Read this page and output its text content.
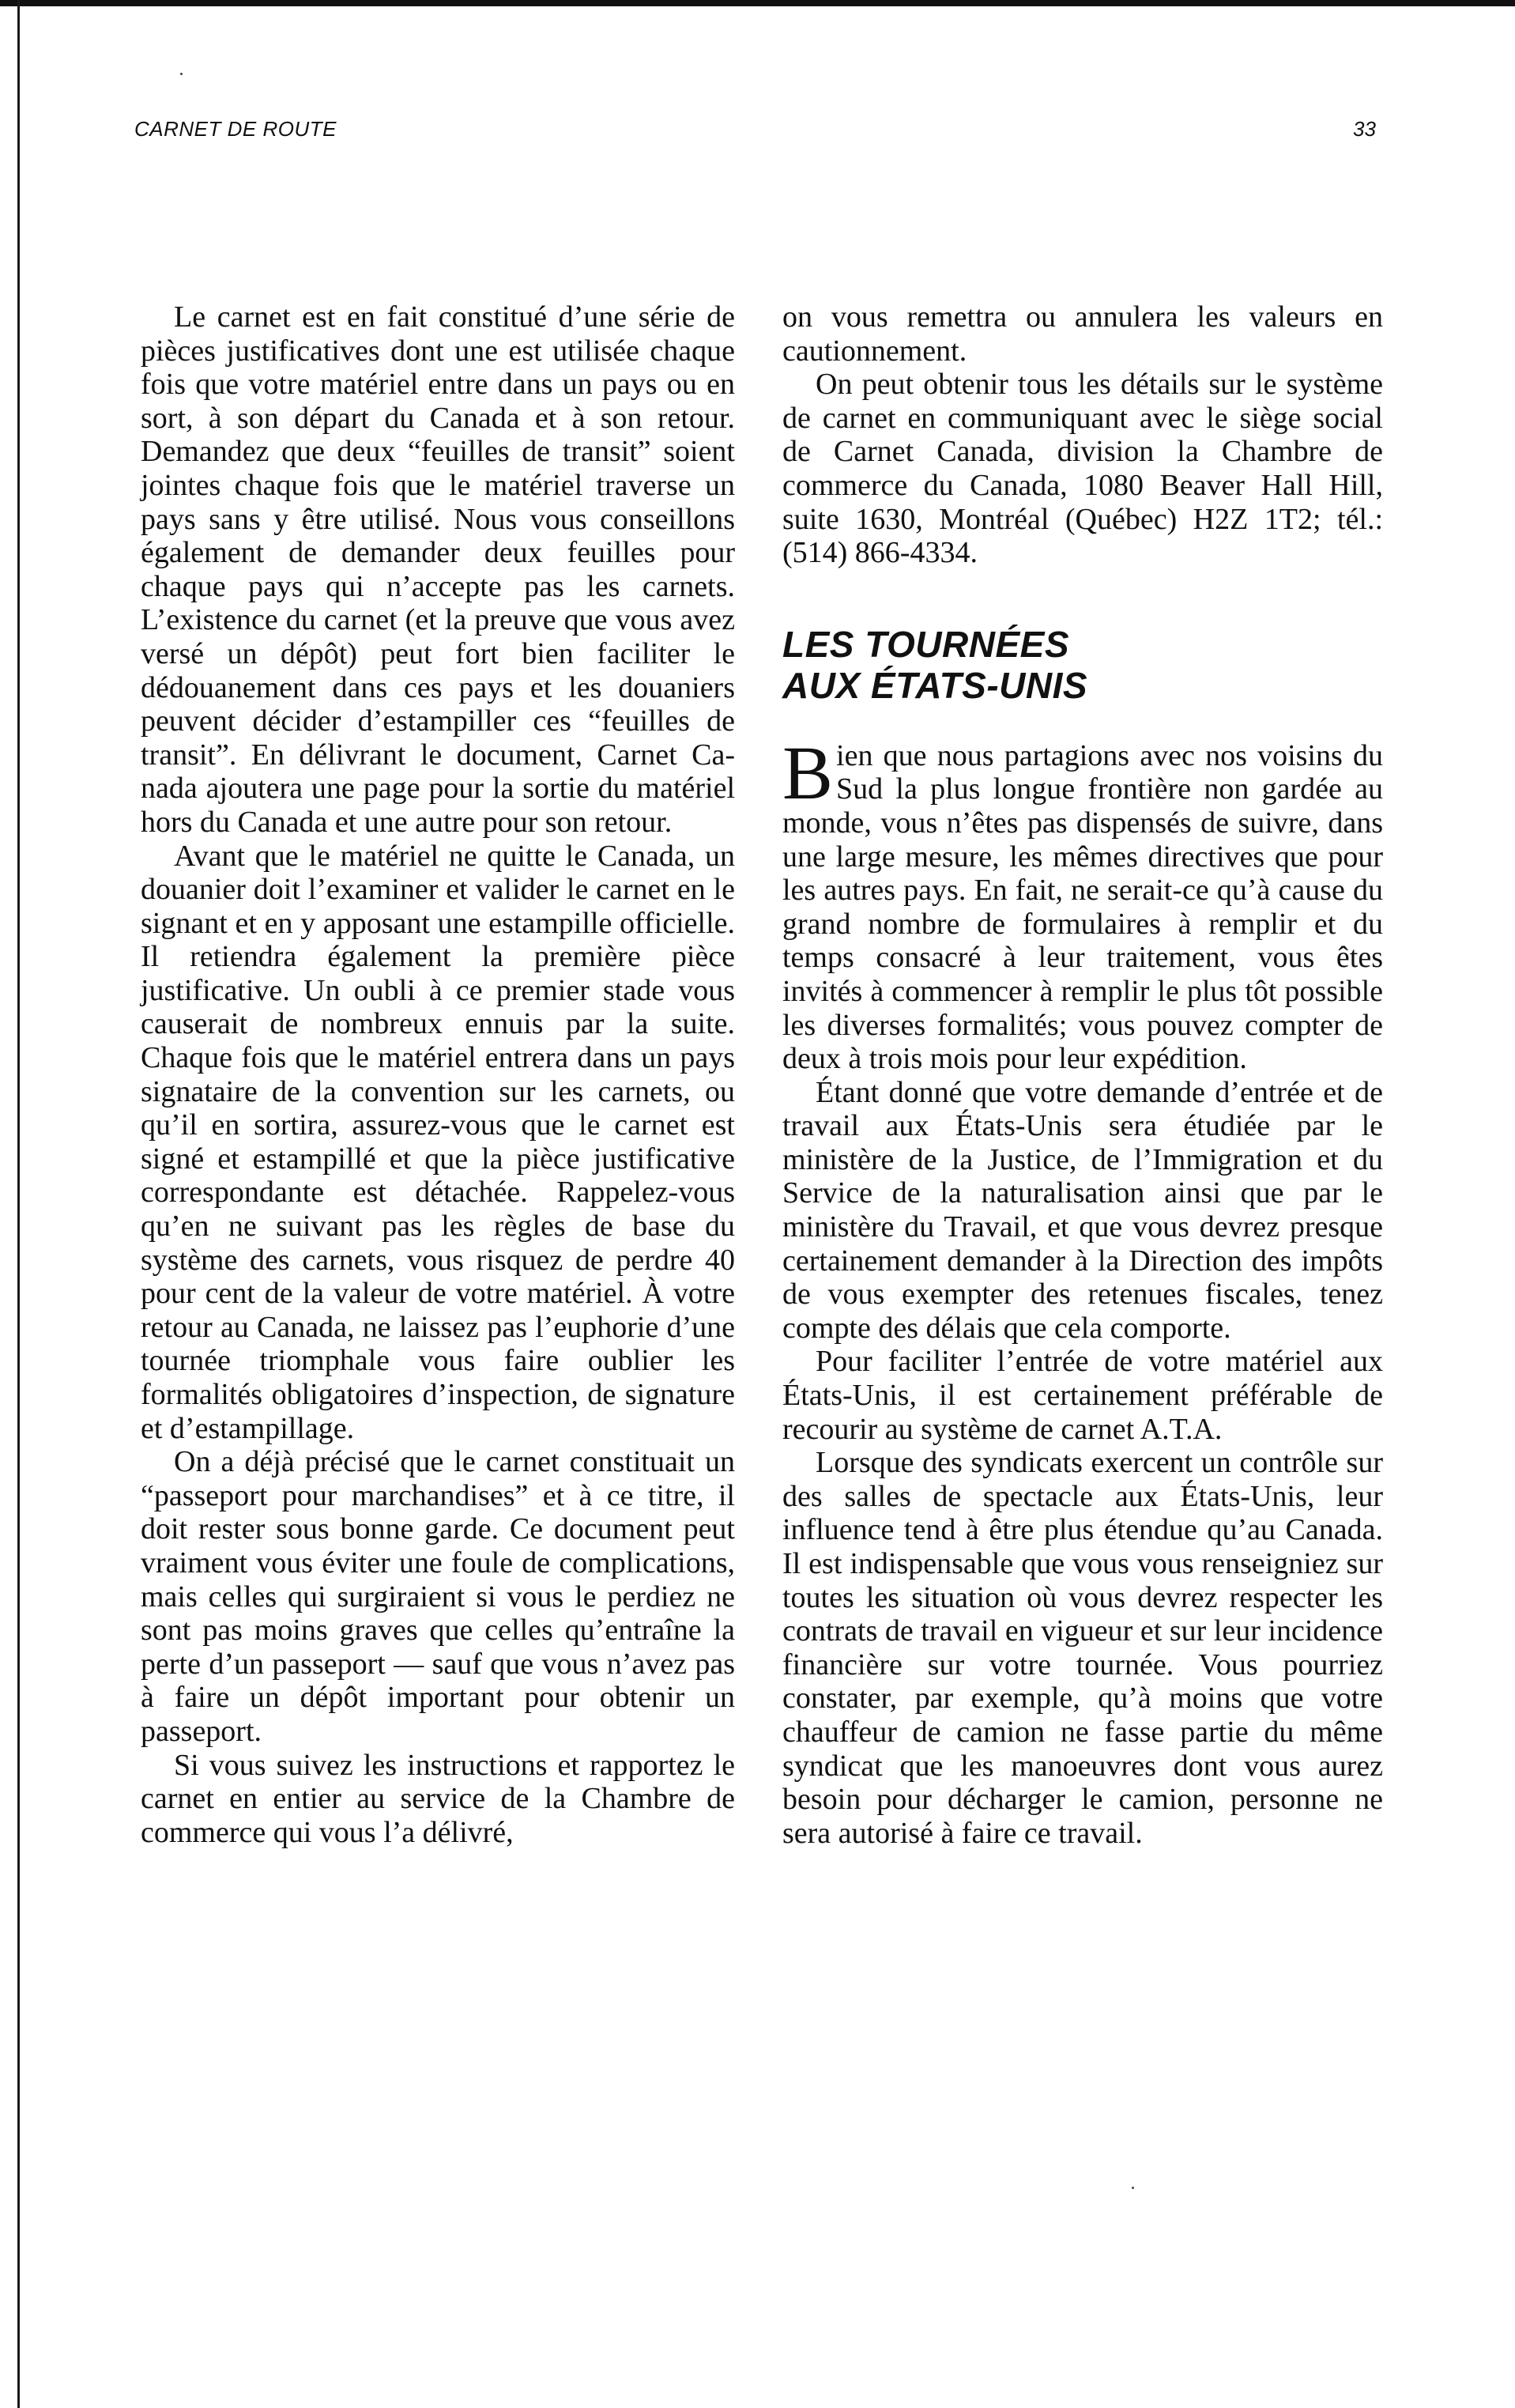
CARNET DE ROUTE	33

Le carnet est en fait constitué d’une série de pièces justificatives dont une est utilisée chaque fois que votre matériel entre dans un pays ou en sort, à son départ du Canada et à son retour. Demandez que deux “feuilles de transit” soient jointes chaque fois que le matériel traverse un pays sans y être utilisé. Nous vous conseillons également de demander deux feuilles pour chaque pays qui n’accepte pas les carnets. L’existence du carnet (et la preuve que vous avez versé un dépôt) peut fort bien faciliter le dédouanement dans ces pays et les douaniers peuvent décider d’estampiller ces “feuilles de transit”. En délivrant le document, Carnet Canada ajoutera une page pour la sortie du matériel hors du Canada et une autre pour son retour.

Avant que le matériel ne quitte le Canada, un douanier doit l’examiner et valider le carnet en le signant et en y apposant une estampille officielle. Il retiendra également la première pièce justificative. Un oubli à ce premier stade vous causerait de nombreux ennuis par la suite. Chaque fois que le matériel entrera dans un pays signataire de la convention sur les carnets, ou qu’il en sortira, assurez-vous que le carnet est signé et estampillé et que la pièce justificative correspondante est détachée. Rappelez-vous qu’en ne suivant pas les règles de base du système des carnets, vous risquez de perdre 40 pour cent de la valeur de votre matériel. À votre retour au Canada, ne laissez pas l’euphorie d’une tournée triomphale vous faire oublier les formalités obligatoires d’inspection, de signature et d’estampillage.

On a déjà précisé que le carnet constituait un “passeport pour marchandises” et à ce titre, il doit rester sous bonne garde. Ce document peut vraiment vous éviter une foule de complications, mais celles qui surgiraient si vous le perdiez ne sont pas moins graves que celles qu’entraîne la perte d’un passeport — sauf que vous n’avez pas à faire un dépôt important pour obtenir un passeport.

Si vous suivez les instructions et rapportez le carnet en entier au service de la Chambre de commerce qui vous l’a délivré,

on vous remettra ou annulera les valeurs en cautionnement.

On peut obtenir tous les détails sur le système de carnet en communiquant avec le siège social de Carnet Canada, division la Chambre de commerce du Canada, 1080 Beaver Hall Hill, suite 1630, Montréal (Québec) H2Z 1T2; tél.: (514) 866-4334.

LES TOURNÉES
AUX ÉTATS-UNIS

Bien que nous partagions avec nos voisins du Sud la plus longue frontière non gardée au monde, vous n’êtes pas dispensés de suivre, dans une large mesure, les mêmes directives que pour les autres pays. En fait, ne serait-ce qu’à cause du grand nombre de formulaires à remplir et du temps consacré à leur traitement, vous êtes invités à commencer à remplir le plus tôt possible les diverses formalités; vous pouvez compter de deux à trois mois pour leur expédition.

Étant donné que votre demande d’entrée et de travail aux États-Unis sera étudiée par le ministère de la Justice, de l’Immigration et du Service de la naturalisation ainsi que par le ministère du Travail, et que vous devrez presque certainement demander à la Direction des impôts de vous exempter des retenues fiscales, tenez compte des délais que cela comporte.

Pour faciliter l’entrée de votre matériel aux États-Unis, il est certainement préférable de recourir au système de carnet A.T.A.

Lorsque des syndicats exercent un contrôle sur des salles de spectacle aux États-Unis, leur influence tend à être plus étendue qu’au Canada. Il est indispensable que vous vous renseigniez sur toutes les situation où vous devrez respecter les contrats de travail en vigueur et sur leur incidence financière sur votre tournée. Vous pourriez constater, par exemple, qu’à moins que votre chauffeur de camion ne fasse partie du même syndicat que les manoeuvres dont vous aurez besoin pour décharger le camion, personne ne sera autorisé à faire ce travail.
